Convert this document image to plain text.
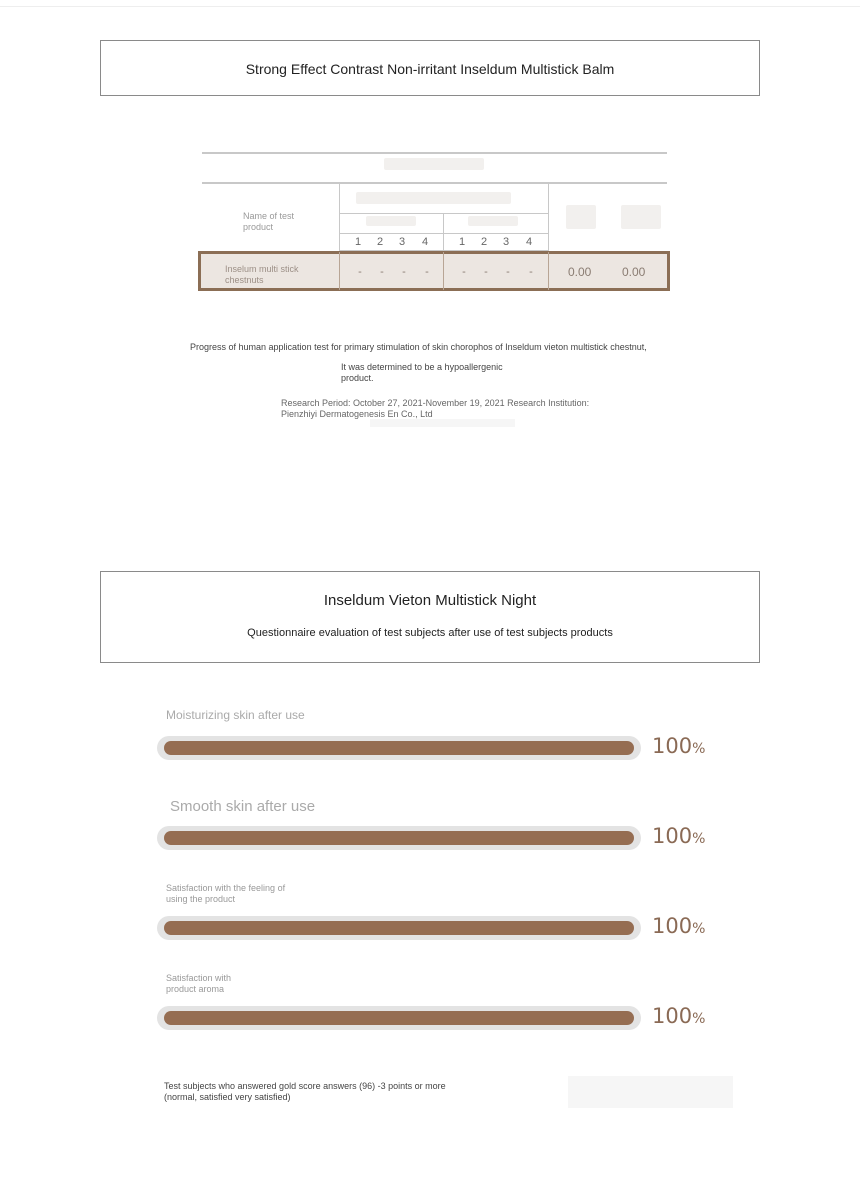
Strong Effect Contrast Non-irritant Inseldum Multistick Balm
Name of test product
1	2	3	4	1	2	3	4
Inselum multi stick chestnuts
- - - -	- - - -	0.00	0.00
Progress of human application test for primary stimulation of skin chorophos of Inseldum vieton multistick chestnut,
It was determined to be a hypoallergenic product.
Research Period: October 27, 2021-November 19, 2021 Research Institution: Pienzhiyi Dermatogenesis En Co., Ltd
Inseldum Vieton Multistick Night
Questionnaire evaluation of test subjects after use of test subjects products
Moisturizing skin after use
100%
Smooth skin after use
100%
Satisfaction with the feeling of using the product
100%
Satisfaction with product aroma
100%
Test subjects who answered gold score answers (96) -3 points or more (normal, satisfied very satisfied)
